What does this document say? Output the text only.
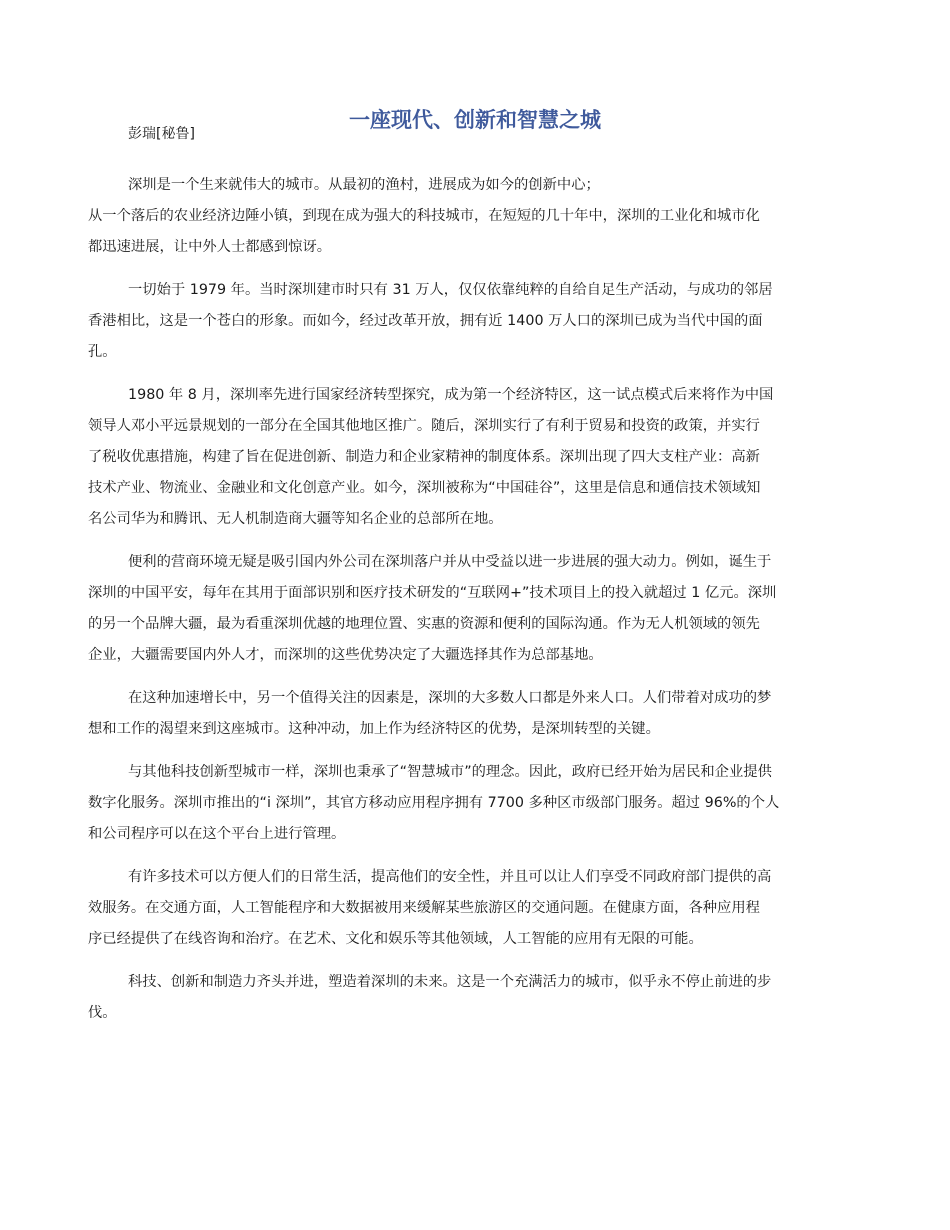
一座现代、创新和智慧之城

彭瑞[秘鲁]

深圳是一个生来就伟大的城市。从最初的渔村，进展成为如今的创新中心；
从一个落后的农业经济边陲小镇，到现在成为强大的科技城市，在短短的几十年中，深圳的工业化和城市化
都迅速进展，让中外人士都感到惊讶。
一切始于 1979 年。当时深圳建市时只有 31 万人，仅仅依靠纯粹的自给自足生产活动，与成功的邻居
香港相比，这是一个苍白的形象。而如今，经过改革开放，拥有近 1400 万人口的深圳已成为当代中国的面
孔。
1980 年 8 月，深圳率先进行国家经济转型探究，成为第一个经济特区，这一试点模式后来将作为中国
领导人邓小平远景规划的一部分在全国其他地区推广。随后，深圳实行了有利于贸易和投资的政策，并实行
了税收优惠措施，构建了旨在促进创新、制造力和企业家精神的制度体系。深圳出现了四大支柱产业：高新
技术产业、物流业、金融业和文化创意产业。如今，深圳被称为“中国硅谷”，这里是信息和通信技术领域知
名公司华为和腾讯、无人机制造商大疆等知名企业的总部所在地。
便利的营商环境无疑是吸引国内外公司在深圳落户并从中受益以进一步进展的强大动力。例如，诞生于
深圳的中国平安，每年在其用于面部识别和医疗技术研发的“互联网+”技术项目上的投入就超过 1 亿元。深圳
的另一个品牌大疆，最为看重深圳优越的地理位置、实惠的资源和便利的国际沟通。作为无人机领域的领先
企业，大疆需要国内外人才，而深圳的这些优势决定了大疆选择其作为总部基地。
在这种加速增长中，另一个值得关注的因素是，深圳的大多数人口都是外来人口。人们带着对成功的梦
想和工作的渴望来到这座城市。这种冲动，加上作为经济特区的优势，是深圳转型的关键。
与其他科技创新型城市一样，深圳也秉承了“智慧城市”的理念。因此，政府已经开始为居民和企业提供
数字化服务。深圳市推出的“i 深圳”，其官方移动应用程序拥有 7700 多种区市级部门服务。超过 96%的个人
和公司程序可以在这个平台上进行管理。
有许多技术可以方便人们的日常生活，提高他们的安全性，并且可以让人们享受不同政府部门提供的高
效服务。在交通方面，人工智能程序和大数据被用来缓解某些旅游区的交通问题。在健康方面，各种应用程
序已经提供了在线咨询和治疗。在艺术、文化和娱乐等其他领域，人工智能的应用有无限的可能。
科技、创新和制造力齐头并进，塑造着深圳的未来。这是一个充满活力的城市，似乎永不停止前进的步
伐。
